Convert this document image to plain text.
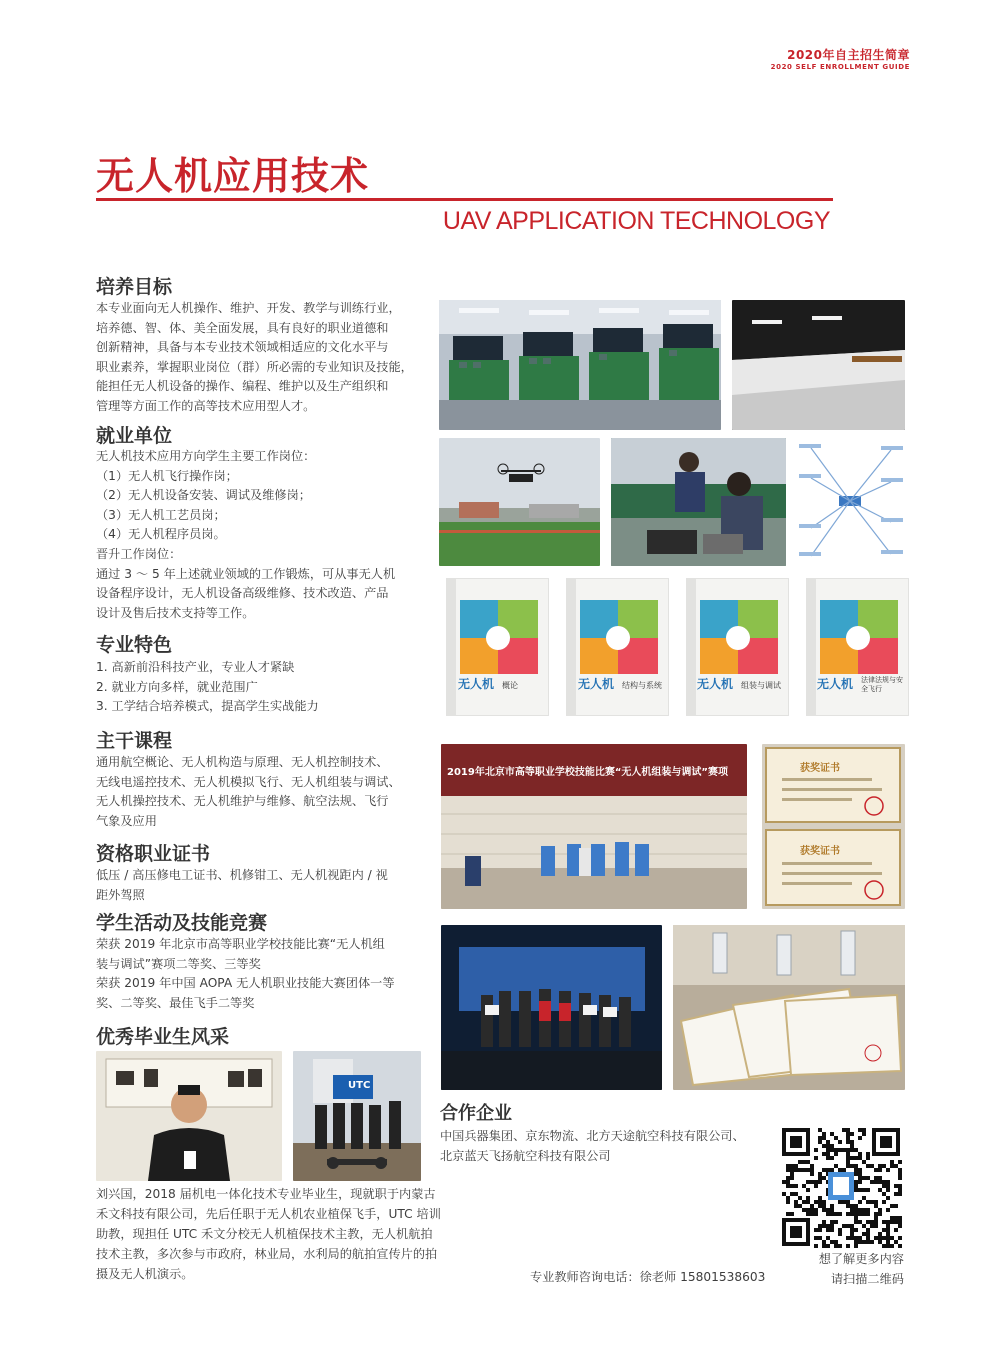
2020年自主招生简章
2020 SELF ENROLLMENT GUIDE
无人机应用技术
UAV APPLICATION TECHNOLOGY
培养目标
本专业面向无人机操作、维护、开发、教学与训练行业，
培养德、智、体、美全面发展，具有良好的职业道德和
创新精神，具备与本专业技术领域相适应的文化水平与
职业素养，掌握职业岗位（群）所必需的专业知识及技能，
能担任无人机设备的操作、编程、维护以及生产组织和
管理等方面工作的高等技术应用型人才。
就业单位
无人机技术应用方向学生主要工作岗位：
（1）无人机飞行操作岗；
（2）无人机设备安装、调试及维修岗；
（3）无人机工艺员岗；
（4）无人机程序员岗。
晋升工作岗位：
通过 3 ～ 5 年上述就业领域的工作锻炼，可从事无人机
设备程序设计，无人机设备高级维修、技术改造、产品
设计及售后技术支持等工作。
专业特色
1. 高新前沿科技产业，专业人才紧缺
2. 就业方向多样，就业范围广
3. 工学结合培养模式，提高学生实战能力
主干课程
通用航空概论、无人机构造与原理、无人机控制技术、
无线电遥控技术、无人机模拟飞行、无人机组装与调试、
无人机操控技术、无人机维护与维修、航空法规、飞行
气象及应用
资格职业证书
低压 / 高压修电工证书、机修钳工、无人机视距内 / 视
距外驾照
学生活动及技能竞赛
荣获 2019 年北京市高等职业学校技能比赛“无人机组
装与调试”赛项二等奖、三等奖
荣获 2019 年中国 AOPA 无人机职业技能大赛团体一等
奖、二等奖、最佳飞手二等奖
优秀毕业生风采
无人机 概论	无人机 结构与系统	无人机 组装与调试	无人机 法律法规与安全飞行
2019年北京市高等职业学校技能比赛“无人机组装与调试”赛项	获奖证书
获奖证书
UTC
刘兴国，2018 届机电一体化技术专业毕业生，现就职于内蒙古
禾文科技有限公司，先后任职于无人机农业植保飞手，UTC 培训
助教，现担任 UTC 禾文分校无人机植保技术主教，无人机航拍
技术主教，多次参与市政府，林业局，水利局的航拍宣传片的拍
摄及无人机演示。
合作企业
中国兵器集团、京东物流、北方天途航空科技有限公司、
北京蓝天飞扬航空科技有限公司
想了解更多内容
请扫描二维码
专业教师咨询电话：徐老师 15801538603
